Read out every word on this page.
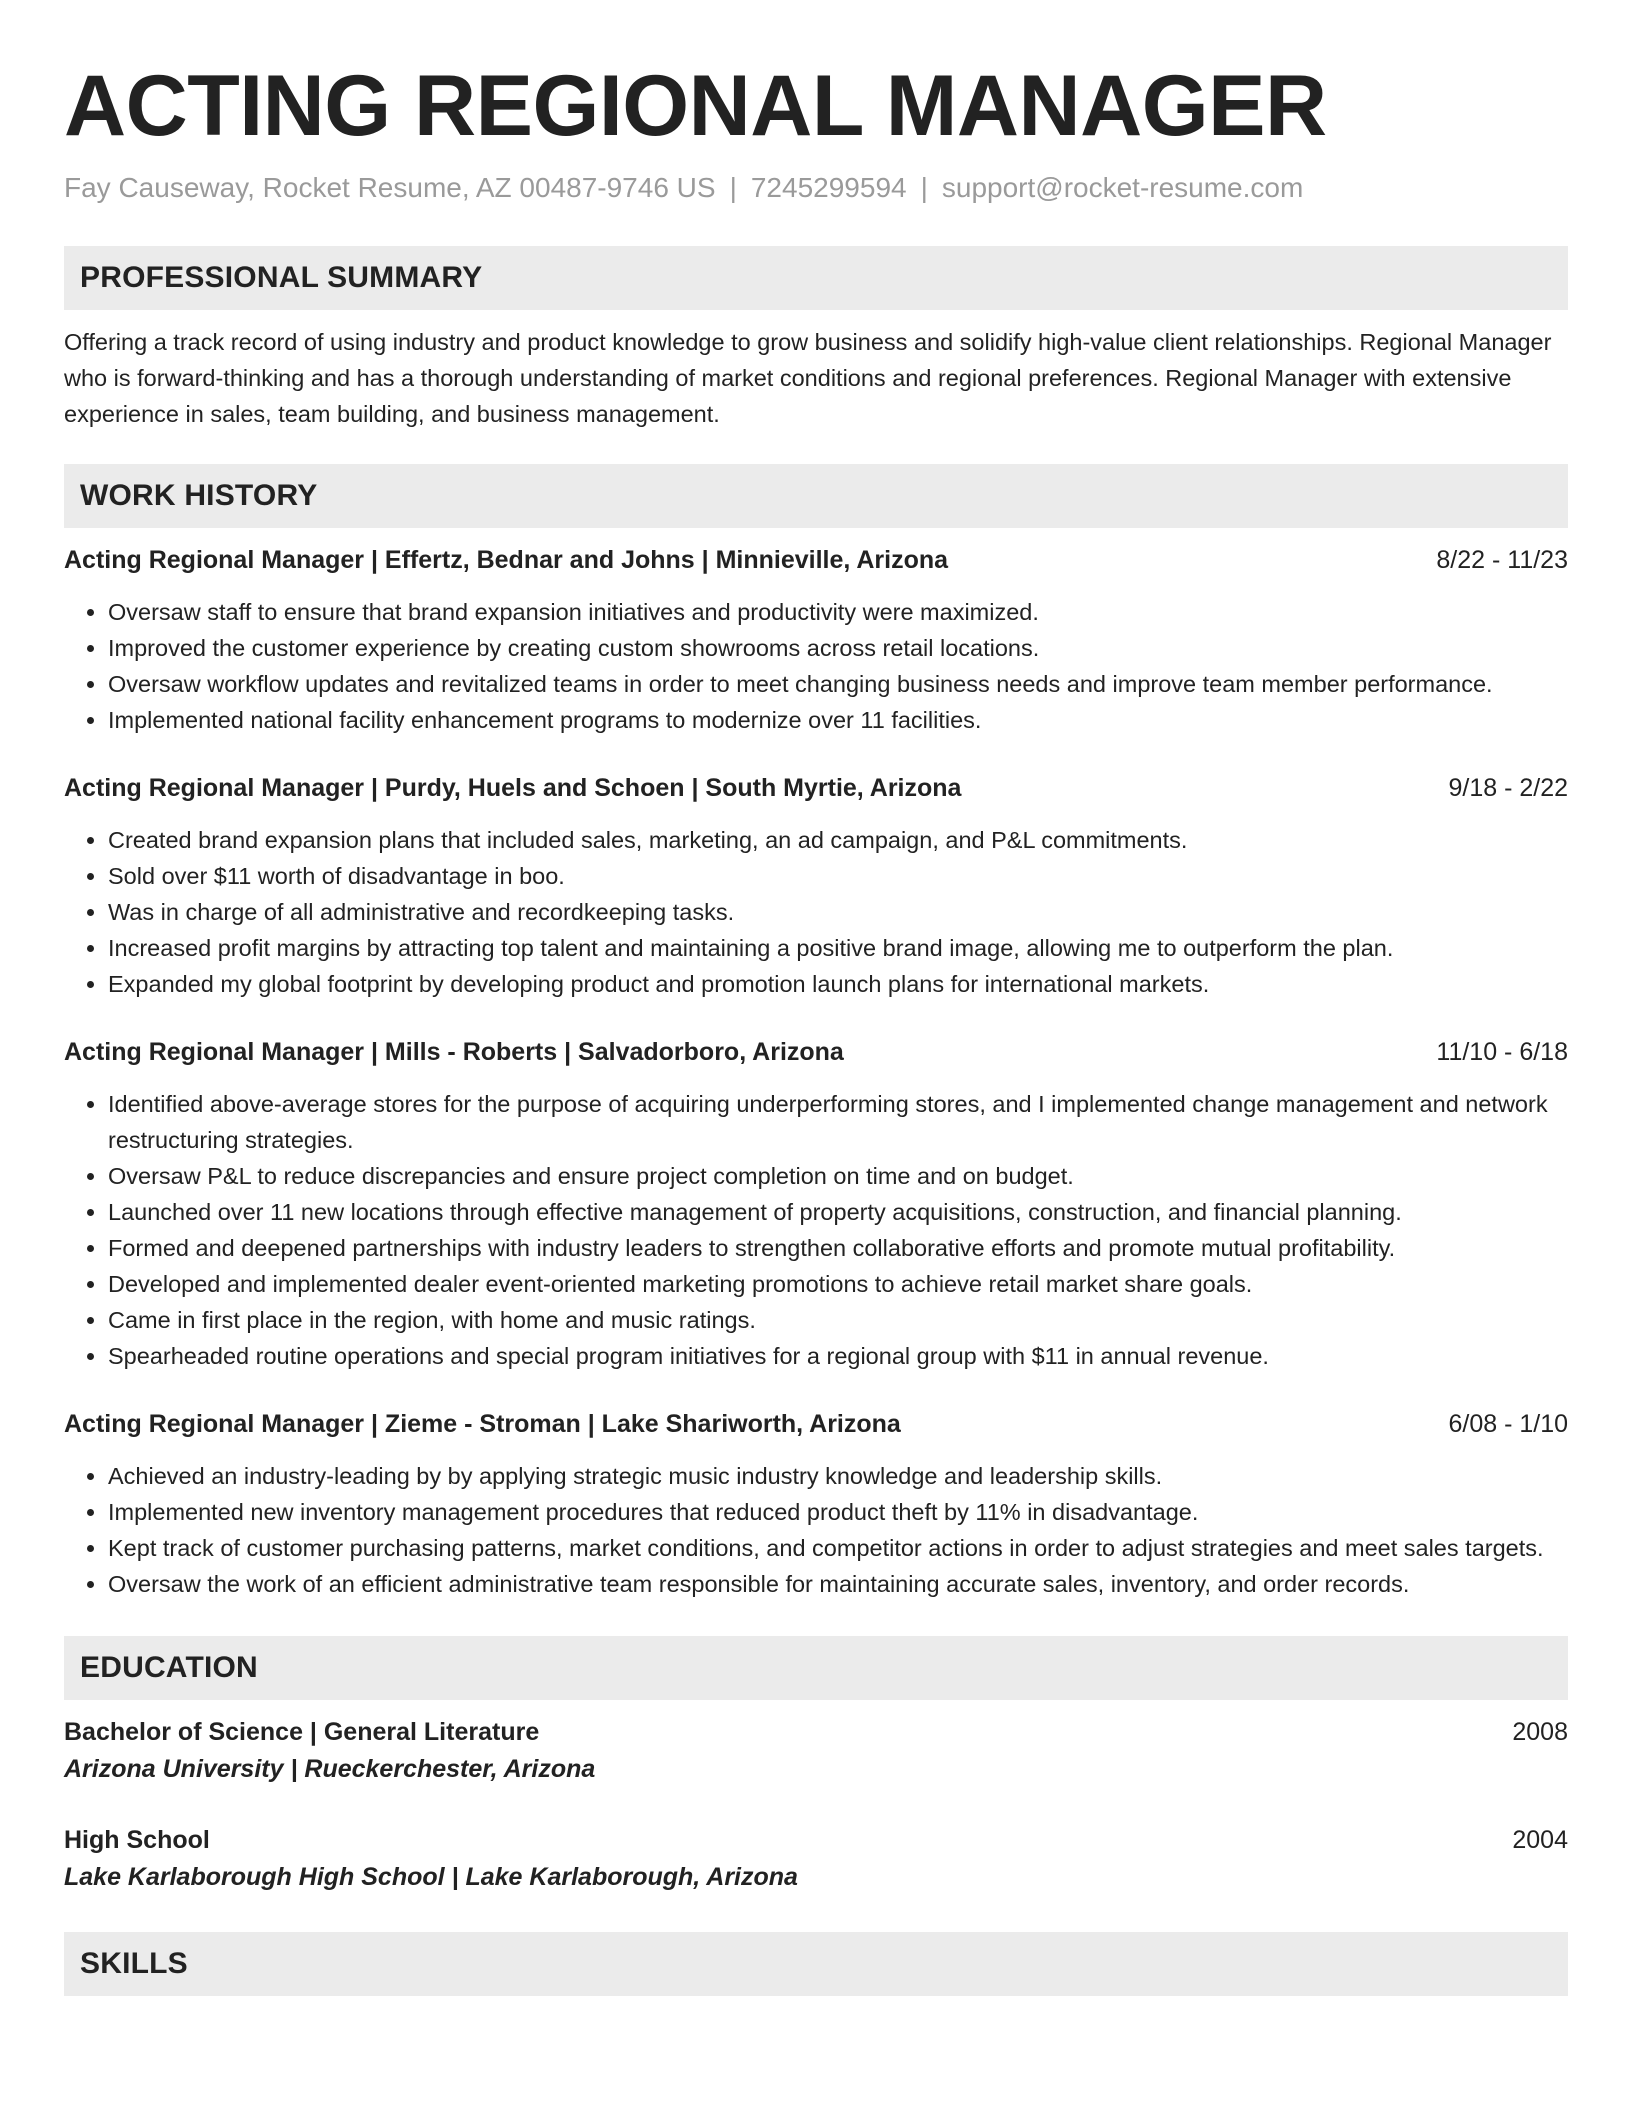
ACTING REGIONAL MANAGER
Fay Causeway, Rocket Resume, AZ 00487-9746 US | 7245299594 | support@rocket-resume.com
PROFESSIONAL SUMMARY

Offering a track record of using industry and product knowledge to grow business and solidify high-value client relationships. Regional Manager who is forward-thinking and has a thorough understanding of market conditions and regional preferences. Regional Manager with extensive experience in sales, team building, and business management.

WORK HISTORY
Acting Regional Manager | Effertz, Bednar and Johns | Minnieville, Arizona	8/22 - 11/23
• Oversaw staff to ensure that brand expansion initiatives and productivity were maximized.
• Improved the customer experience by creating custom showrooms across retail locations.
• Oversaw workflow updates and revitalized teams in order to meet changing business needs and improve team member performance.
• Implemented national facility enhancement programs to modernize over 11 facilities.
Acting Regional Manager | Purdy, Huels and Schoen | South Myrtie, Arizona	9/18 - 2/22
• Created brand expansion plans that included sales, marketing, an ad campaign, and P&L commitments.
• Sold over $11 worth of disadvantage in boo.
• Was in charge of all administrative and recordkeeping tasks.
• Increased profit margins by attracting top talent and maintaining a positive brand image, allowing me to outperform the plan.
• Expanded my global footprint by developing product and promotion launch plans for international markets.
Acting Regional Manager | Mills - Roberts | Salvadorboro, Arizona	11/10 - 6/18
• Identified above-average stores for the purpose of acquiring underperforming stores, and I implemented change management and network restructuring strategies.
• Oversaw P&L to reduce discrepancies and ensure project completion on time and on budget.
• Launched over 11 new locations through effective management of property acquisitions, construction, and financial planning.
• Formed and deepened partnerships with industry leaders to strengthen collaborative efforts and promote mutual profitability.
• Developed and implemented dealer event-oriented marketing promotions to achieve retail market share goals.
• Came in first place in the region, with home and music ratings.
• Spearheaded routine operations and special program initiatives for a regional group with $11 in annual revenue.
Acting Regional Manager | Zieme - Stroman | Lake Shariworth, Arizona	6/08 - 1/10
• Achieved an industry-leading by by applying strategic music industry knowledge and leadership skills.
• Implemented new inventory management procedures that reduced product theft by 11% in disadvantage.
• Kept track of customer purchasing patterns, market conditions, and competitor actions in order to adjust strategies and meet sales targets.
• Oversaw the work of an efficient administrative team responsible for maintaining accurate sales, inventory, and order records.
EDUCATION
Bachelor of Science | General Literature	2008
Arizona University | Rueckerchester, Arizona
High School	2004
Lake Karlaborough High School | Lake Karlaborough, Arizona
SKILLS
